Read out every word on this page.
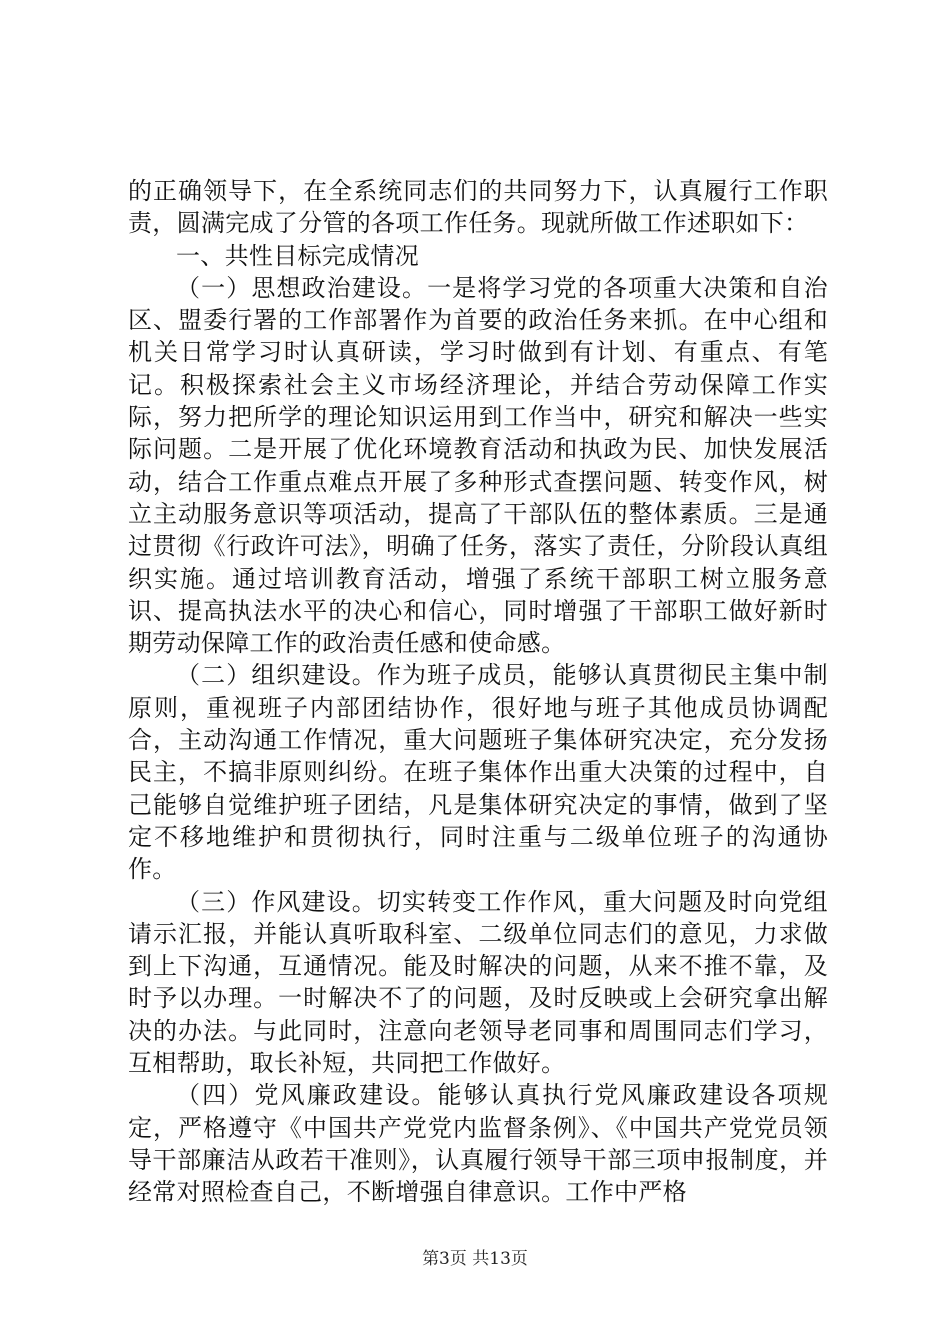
的正确领导下，在全系统同志们的共同努力下，认真履行工作职责，圆满完成了分管的各项工作任务。现就所做工作述职如下：

一、共性目标完成情况

（一）思想政治建设。一是将学习党的各项重大决策和自治区、盟委行署的工作部署作为首要的政治任务来抓。在中心组和机关日常学习时认真研读，学习时做到有计划、有重点、有笔记。积极探索社会主义市场经济理论，并结合劳动保障工作实际，努力把所学的理论知识运用到工作当中，研究和解决一些实际问题。二是开展了优化环境教育活动和执政为民、加快发展活动，结合工作重点难点开展了多种形式查摆问题、转变作风，树立主动服务意识等项活动，提高了干部队伍的整体素质。三是通过贯彻《行政许可法》，明确了任务，落实了责任，分阶段认真组织实施。通过培训教育活动，增强了系统干部职工树立服务意识、提高执法水平的决心和信心，同时增强了干部职工做好新时期劳动保障工作的政治责任感和使命感。

（二）组织建设。作为班子成员，能够认真贯彻民主集中制原则，重视班子内部团结协作，很好地与班子其他成员协调配合，主动沟通工作情况，重大问题班子集体研究决定，充分发扬民主，不搞非原则纠纷。在班子集体作出重大决策的过程中，自己能够自觉维护班子团结，凡是集体研究决定的事情，做到了坚定不移地维护和贯彻执行，同时注重与二级单位班子的沟通协作。

（三）作风建设。切实转变工作作风，重大问题及时向党组请示汇报，并能认真听取科室、二级单位同志们的意见，力求做到上下沟通，互通情况。能及时解决的问题，从来不推不靠，及时予以办理。一时解决不了的问题，及时反映或上会研究拿出解决的办法。与此同时，注意向老领导老同事和周围同志们学习，互相帮助，取长补短，共同把工作做好。

（四）党风廉政建设。能够认真执行党风廉政建设各项规定，严格遵守《中国共产党党内监督条例》、《中国共产党党员领导干部廉洁从政若干准则》，认真履行领导干部三项申报制度，并经常对照检查自己，不断增强自律意识。工作中严格

第3页 共13页
